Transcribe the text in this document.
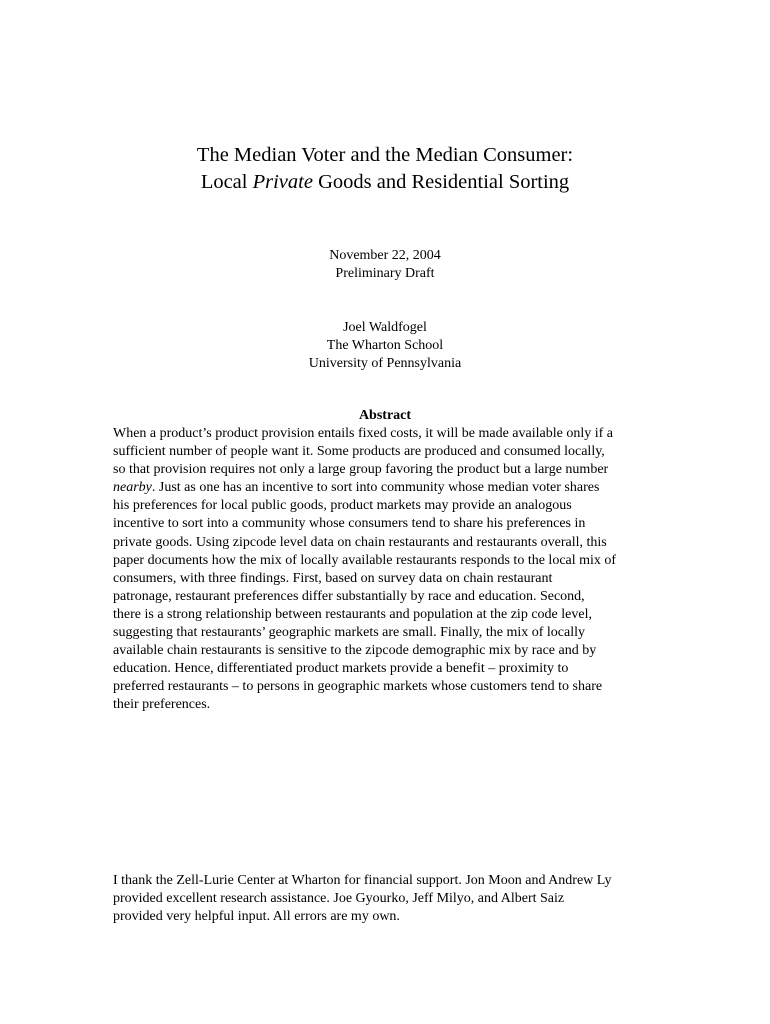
The Median Voter and the Median Consumer:
Local Private Goods and Residential Sorting
November 22, 2004
Preliminary Draft
Joel Waldfogel
The Wharton School
University of Pennsylvania
Abstract
When a product’s product provision entails fixed costs, it will be made available only if a
sufficient number of people want it. Some products are produced and consumed locally,
so that provision requires not only a large group favoring the product but a large number
nearby. Just as one has an incentive to sort into community whose median voter shares
his preferences for local public goods, product markets may provide an analogous
incentive to sort into a community whose consumers tend to share his preferences in
private goods. Using zipcode level data on chain restaurants and restaurants overall, this
paper documents how the mix of locally available restaurants responds to the local mix of
consumers, with three findings. First, based on survey data on chain restaurant
patronage, restaurant preferences differ substantially by race and education. Second,
there is a strong relationship between restaurants and population at the zip code level,
suggesting that restaurants’ geographic markets are small. Finally, the mix of locally
available chain restaurants is sensitive to the zipcode demographic mix by race and by
education. Hence, differentiated product markets provide a benefit – proximity to
preferred restaurants – to persons in geographic markets whose customers tend to share
their preferences.
I thank the Zell-Lurie Center at Wharton for financial support. Jon Moon and Andrew Ly
provided excellent research assistance. Joe Gyourko, Jeff Milyo, and Albert Saiz
provided very helpful input. All errors are my own.
